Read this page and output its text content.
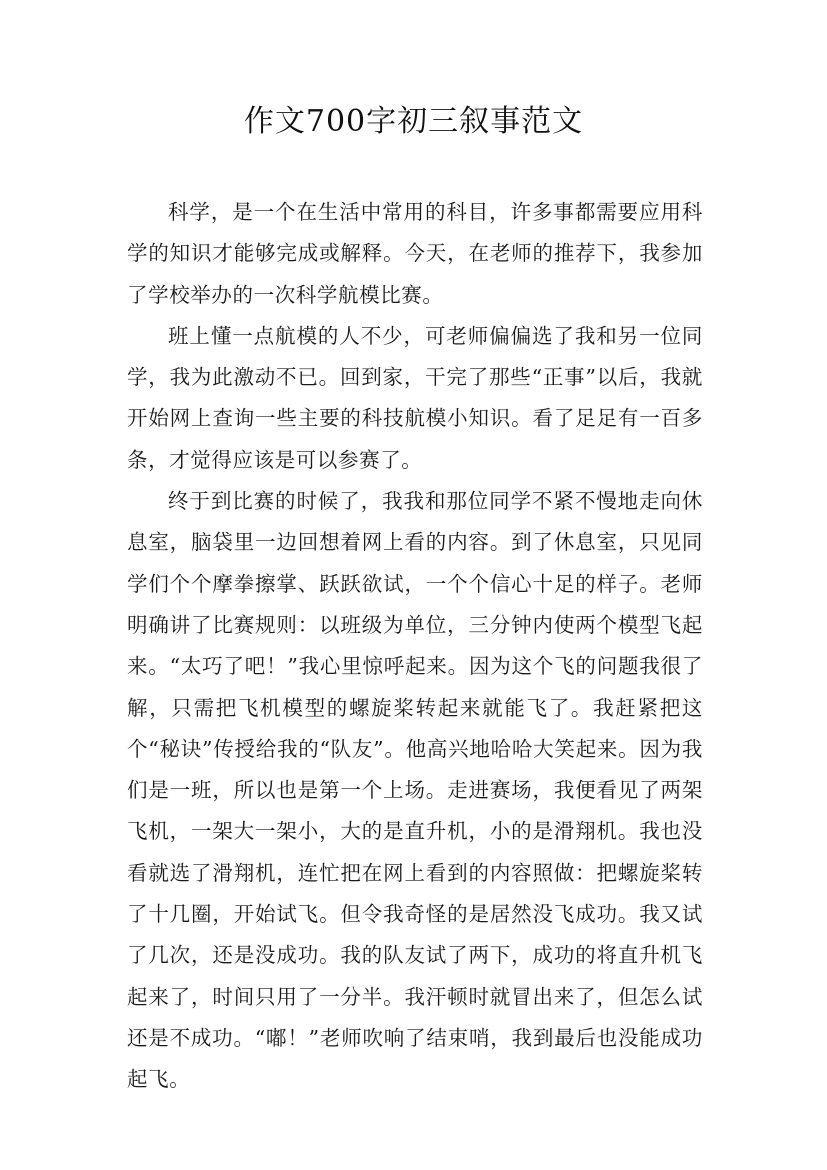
作文700字初三叙事范文

科学，是一个在生活中常用的科目，许多事都需要应用科学的知识才能够完成或解释。今天，在老师的推荐下，我参加了学校举办的一次科学航模比赛。

班上懂一点航模的人不少，可老师偏偏选了我和另一位同学，我为此激动不已。回到家，干完了那些“正事”以后，我就开始网上查询一些主要的科技航模小知识。看了足足有一百多条，才觉得应该是可以参赛了。

终于到比赛的时候了，我我和那位同学不紧不慢地走向休息室，脑袋里一边回想着网上看的内容。到了休息室，只见同学们个个摩拳擦掌、跃跃欲试，一个个信心十足的样子。老师明确讲了比赛规则：以班级为单位，三分钟内使两个模型飞起来。“太巧了吧！”我心里惊呼起来。因为这个飞的问题我很了解，只需把飞机模型的螺旋桨转起来就能飞了。我赶紧把这个“秘诀”传授给我的“队友”。他高兴地哈哈大笑起来。因为我们是一班，所以也是第一个上场。走进赛场，我便看见了两架飞机，一架大一架小，大的是直升机，小的是滑翔机。我也没看就选了滑翔机，连忙把在网上看到的内容照做：把螺旋桨转了十几圈，开始试飞。但令我奇怪的是居然没飞成功。我又试了几次，还是没成功。我的队友试了两下，成功的将直升机飞起来了，时间只用了一分半。我汗顿时就冒出来了，但怎么试还是不成功。“嘟！”老师吹响了结束哨，我到最后也没能成功起飞。
